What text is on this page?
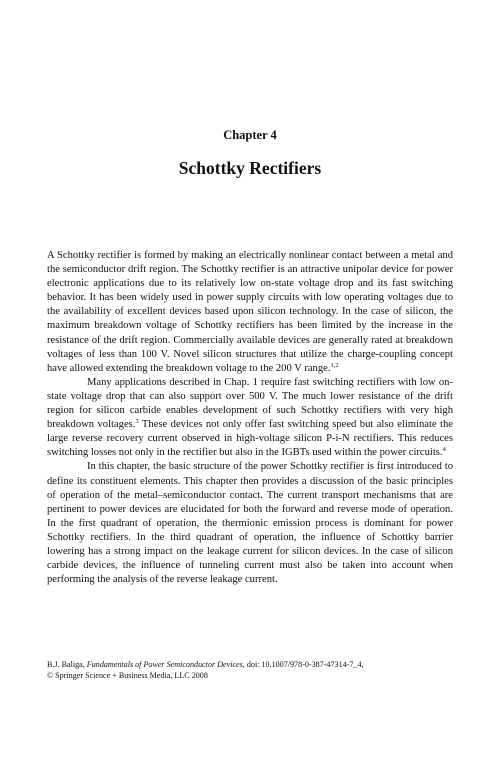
Chapter 4
Schottky Rectifiers

A Schottky rectifier is formed by making an electrically nonlinear contact between a metal and the semiconductor drift region. The Schottky rectifier is an attractive unipolar device for power electronic applications due to its relatively low on-state voltage drop and its fast switching behavior. It has been widely used in power supply circuits with low operating voltages due to the availability of excellent devices based upon silicon technology. In the case of silicon, the maximum breakdown voltage of Schottky rectifiers has been limited by the increase in the resistance of the drift region. Commercially available devices are generally rated at breakdown voltages of less than 100 V. Novel silicon structures that utilize the charge-coupling concept have allowed extending the breakdown voltage to the 200 V range.$^{1,2}$

Many applications described in Chap. 1 require fast switching rectifiers with low on-state voltage drop that can also support over 500 V. The much lower resistance of the drift region for silicon carbide enables development of such Schottky rectifiers with very high breakdown voltages.$^3$ These devices not only offer fast switching speed but also eliminate the large reverse recovery current observed in high-voltage silicon P-i-N rectifiers. This reduces switching losses not only in the rectifier but also in the IGBTs used within the power circuits.$^4$

In this chapter, the basic structure of the power Schottky rectifier is first introduced to define its constituent elements. This chapter then provides a discussion of the basic principles of operation of the metal–semiconductor contact. The current transport mechanisms that are pertinent to power devices are elucidated for both the forward and reverse mode of operation. In the first quadrant of operation, the thermionic emission process is dominant for power Schottky rectifiers. In the third quadrant of operation, the influence of Schottky barrier lowering has a strong impact on the leakage current for silicon devices. In the case of silicon carbide devices, the influence of tunneling current must also be taken into account when performing the analysis of the reverse leakage current.

B.J. Baliga, Fundamentals of Power Semiconductor Devices, doi: 10.1007/978-0-387-47314-7_4,
© Springer Science + Business Media, LLC 2008
